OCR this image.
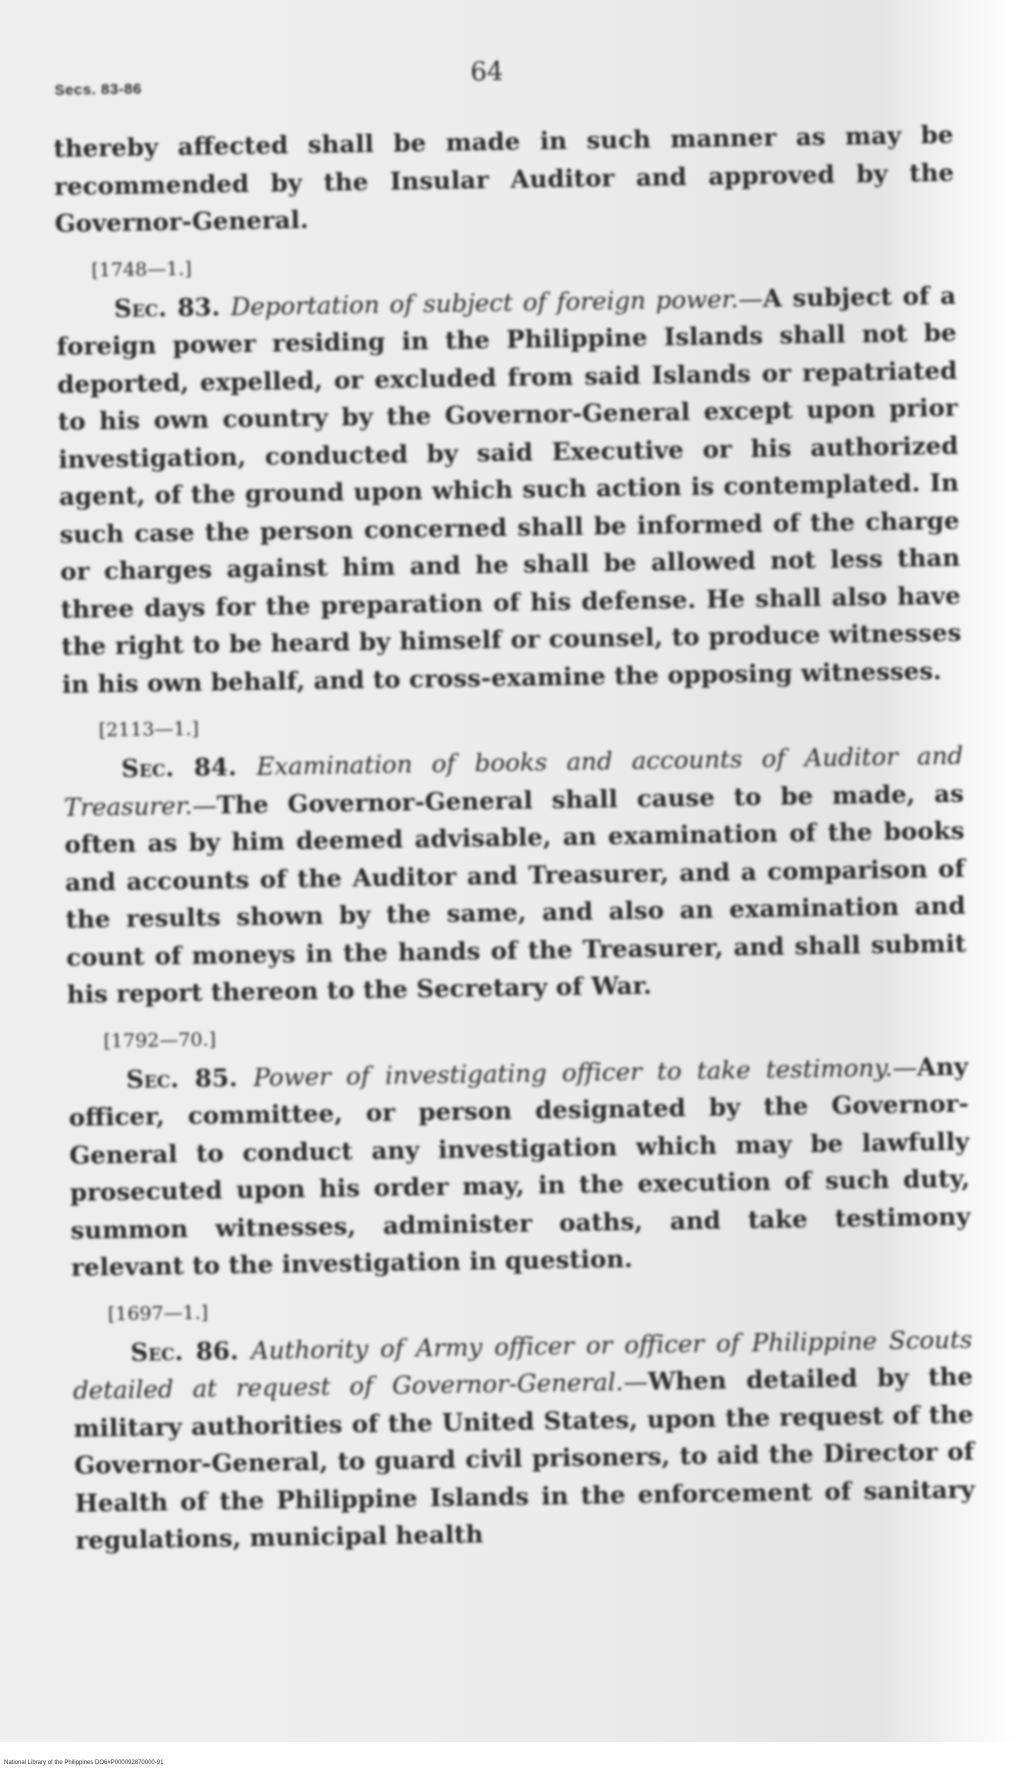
Secs. 83-86
64

thereby affected shall be made in such manner as may be recommended by the Insular Auditor and approved by the Governor-General.

[1748—1.]

Sec. 83. Deportation of subject of foreign power.—A subject of a foreign power residing in the Philippine Islands shall not be deported, expelled, or excluded from said Islands or repatriated to his own country by the Governor-General except upon prior investigation, conducted by said Executive or his authorized agent, of the ground upon which such action is contemplated. In such case the person concerned shall be informed of the charge or charges against him and he shall be allowed not less than three days for the preparation of his defense. He shall also have the right to be heard by himself or counsel, to produce witnesses in his own behalf, and to cross-examine the opposing witnesses.

[2113—1.]

Sec. 84. Examination of books and accounts of Auditor and Treasurer.—The Governor-General shall cause to be made, as often as by him deemed advisable, an examination of the books and accounts of the Auditor and Treasurer, and a comparison of the results shown by the same, and also an examination and count of moneys in the hands of the Treasurer, and shall submit his report thereon to the Secretary of War.

[1792—70.]

Sec. 85. Power of investigating officer to take testimony.—Any officer, committee, or person designated by the Governor-General to conduct any investigation which may be lawfully prosecuted upon his order may, in the execution of such duty, summon witnesses, administer oaths, and take testimony relevant to the investigation in question.

[1697—1.]

Sec. 86. Authority of Army officer or officer of Philippine Scouts detailed at request of Governor-General.—When detailed by the military authorities of the United States, upon the request of the Governor-General, to guard civil prisoners, to aid the Director of Health of the Philippine Islands in the enforcement of sanitary regulations, municipal health

National Library of the Philippines DO6#P000092870000-91
